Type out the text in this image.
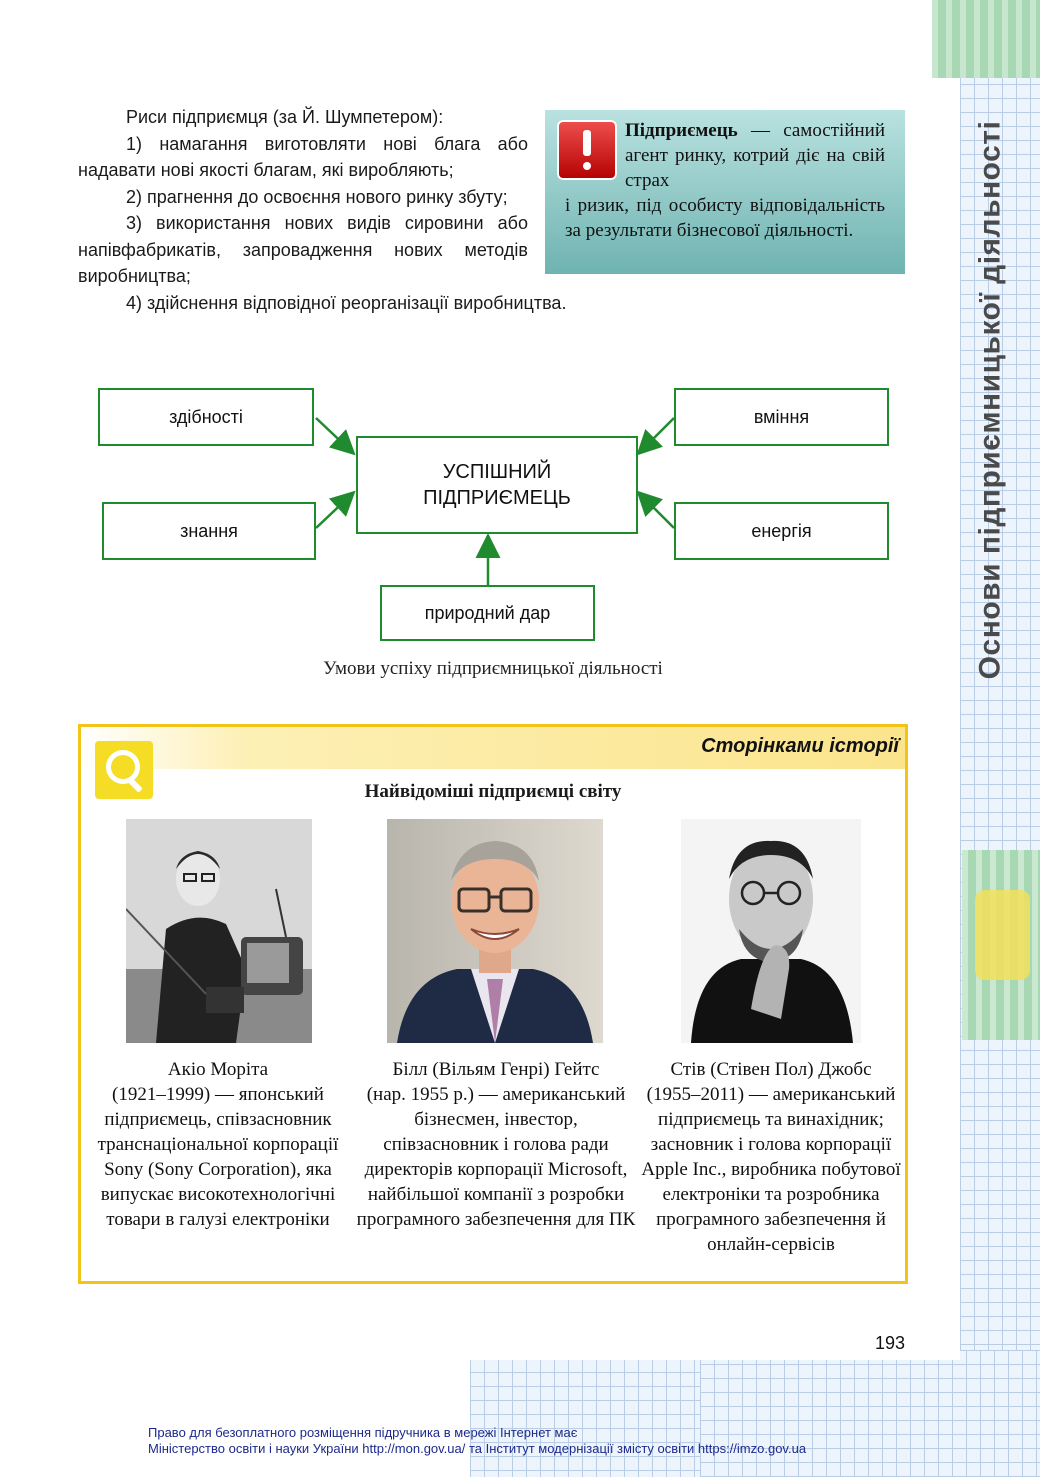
Основи підприємницької діяльності

Риси підприємця (за Й. Шумпетером):

1) намагання виготовляти нові блага або надавати нові якості благам, які виробляють;

2) прагнення до освоєння нового ринку збуту;

3) використання нових видів сировини або напівфабрикатів, запровадження нових методів виробництва;

4) здійснення відповідної реорганізації виробництва.

Підприємець — самостійний агент ринку, котрий діє на свій страх
і ризик, під особисту відповідальність за результати бізнесової діяльності.
здібності
знання
вміння
енергія
УСПІШНИЙ
ПІДПРИЄМЕЦЬ
природний дар
Умови успіху підприємницької діяльності
Сторінками історії
Найвідоміші підприємці світу
Акіо Моріта
(1921–1999) — японський підприємець, співзасновник транснаціональної корпорації Sony (Sony Corporation), яка випускає високотехнологічні товари в галузі електроніки
Білл (Вільям Генрі) Гейтс
(нар. 1955 р.) — американський бізнесмен, інвестор, співзасновник і голова ради директорів корпорації Microsoft, найбільшої компанії з розробки програмного забезпечення для ПК
Стів (Стівен Пол) Джобс
(1955–2011) — американський підприємець та винахідник; засновник і голова корпорації Apple Inc., виробника побутової електроніки та розробника програмного забезпечення й онлайн-сервісів
193
Право для безоплатного розміщення підручника в мережі Інтернет має
Міністерство освіти і науки України http://mon.gov.ua/ та Інститут модернізації змісту освіти https://imzo.gov.ua
